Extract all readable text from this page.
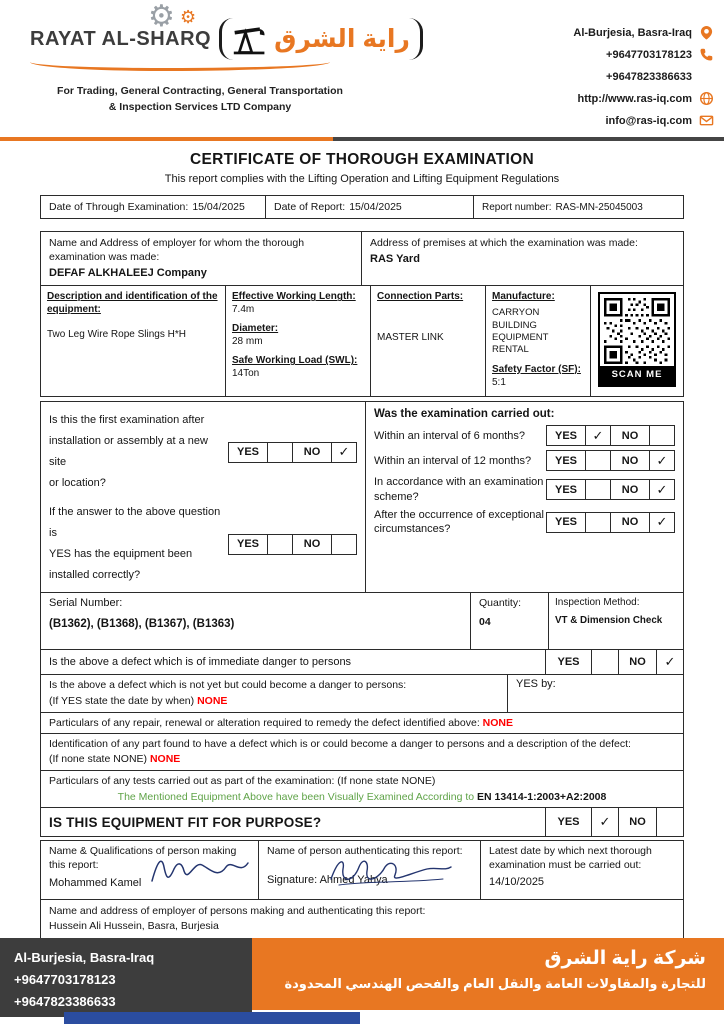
⚙ ⚙
RAYAT AL-SHARQ	راية الشرق
For Trading, General Contracting, General Transportation
& Inspection Services LTD Company
Al-Burjesia, Basra-Iraq
+9647703178123
+9647823386633
http://www.ras-iq.com
info@ras-iq.com
CERTIFICATE OF THOROUGH EXAMINATION
This report complies with the Lifting Operation and Lifting Equipment Regulations
Date of Through Examination: 15/04/2025	Date of Report: 15/04/2025	Report number: RAS-MN-25045003
Name and Address of employer for whom the thorough examination was made:
DEFAF ALKHALEEJ Company
Address of premises at which the examination was made:
RAS Yard
Description and identification of the equipment:
Two Leg Wire Rope Slings H*H
Effective Working Length:
7.4m
Diameter:
28 mm
Safe Working Load (SWL):
14Ton
Connection Parts:
MASTER LINK
Manufacture:
CARRYON BUILDING EQUIPMENT RENTAL
Safety Factor (SF):
5:1
SCAN ME
Is this the first examination after
installation or assembly at a new site
or location?
YES	NO	✓
If the answer to the above question is
YES has the equipment been
installed correctly?
YES	NO
Was the examination carried out:
Within an interval of 6 months?	YES	✓	NO
Within an interval of 12 months?	YES	NO	✓
In accordance with an examination scheme?
YES	NO	✓
After the occurrence of exceptional circumstances?
YES	NO	✓
Serial Number:
(B1362), (B1368), (B1367), (B1363)
Quantity:
04
Inspection Method:
VT & Dimension Check
Is the above a defect which is of immediate danger to persons	YES	NO	✓
Is the above a defect which is not yet but could become a danger to persons:
(If YES state the date by when) NONE
YES by:
Particulars of any repair, renewal or alteration required to remedy the defect identified above: NONE
Identification of any part found to have a defect which is or could become a danger to persons and a description of the defect:
(If none state NONE) NONE
Particulars of any tests carried out as part of the examination: (If none state NONE)
The Mentioned Equipment Above have been Visually Examined According to EN 13414-1:2003+A2:2008
IS THIS EQUIPMENT FIT FOR PURPOSE?	YES	✓	NO
Name & Qualifications of person making this report:
Mohammed Kamel
Name of person authenticating this report:
Signature: Ahmed Yahya
Latest date by which next thorough examination must be carried out:
14/10/2025
Name and address of employer of persons making and authenticating this report:
Hussein Ali Hussein, Basra, Burjesia
شركة راية الشرق
للتجارة والمقاولات العامة والنقل العام والفحص الهندسي المحدودة
Al-Burjesia, Basra-Iraq
+9647703178123
+9647823386633
